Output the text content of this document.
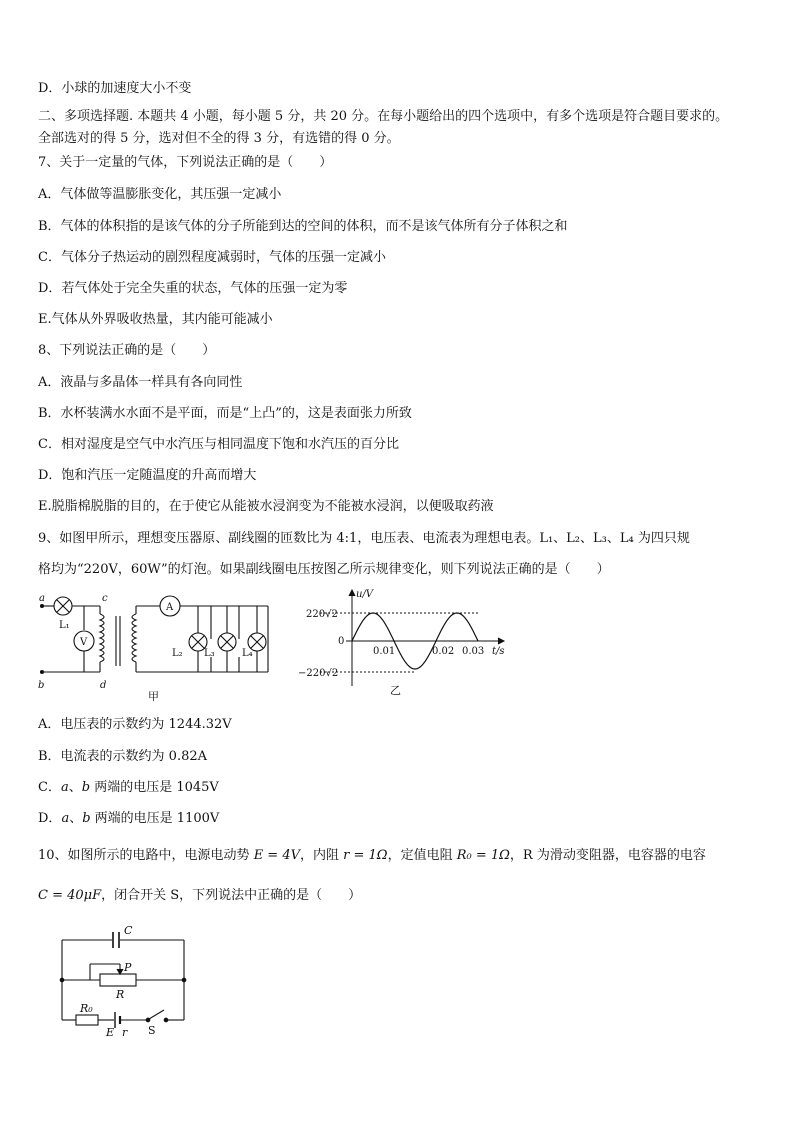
D．小球的加速度大小不变
二、多项选择题. 本题共 4 小题，每小题 5 分，共 20 分。在每小题给出的四个选项中，有多个选项是符合题目要求的。
全部选对的得 5 分，选对但不全的得 3 分，有选错的得 0 分。
7、关于一定量的气体，下列说法正确的是（　　）
A．气体做等温膨胀变化，其压强一定减小
B．气体的体积指的是该气体的分子所能到达的空间的体积，而不是该气体所有分子体积之和
C．气体分子热运动的剧烈程度减弱时，气体的压强一定减小
D．若气体处于完全失重的状态，气体的压强一定为零
E.气体从外界吸收热量，其内能可能减小
8、下列说法正确的是（　　）
A．液晶与多晶体一样具有各向同性
B．水杯装满水水面不是平面，而是“上凸”的，这是表面张力所致
C．相对湿度是空气中水汽压与相同温度下饱和水汽压的百分比
D．饱和汽压一定随温度的升高而增大
E.脱脂棉脱脂的目的，在于使它从能被水浸润变为不能被水浸润，以便吸取药液
9、如图甲所示，理想变压器原、副线圈的匝数比为 4:1，电压表、电流表为理想电表。L₁、L₂、L₃、L₄ 为四只规
格均为“220V，60W”的灯泡。如果副线圈电压按图乙所示规律变化，则下列说法正确的是（　　）
a
b
c
d
L₁
V
A
L₂ L₃	L₄
甲
u/V
t/s
220√2
0
−220√2
0.01	0.02 0.03
乙
A．电压表的示数约为 1244.32V
B．电流表的示数约为 0.82A
C．a、b 两端的电压是 1045V
D．a、b 两端的电压是 1100V
10、如图所示的电路中，电源电动势 E = 4V，内阻 r = 1Ω，定值电阻 R₀ = 1Ω，R 为滑动变阻器，电容器的电容
C = 40μF，闭合开关 S，下列说法中正确的是（　　）
C
P
R
R₀
E r S
